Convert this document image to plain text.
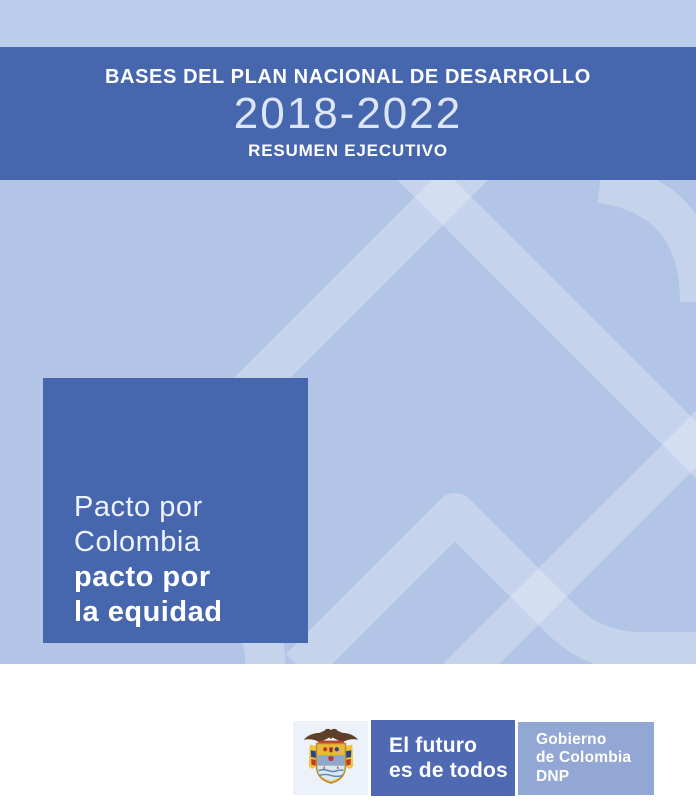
BASES DEL PLAN NACIONAL DE DESARROLLO
2018-2022
RESUMEN EJECUTIVO
Pacto por
Colombia
pacto por
la equidad
El futuro
es de todos
Gobierno
de Colombia
DNP
